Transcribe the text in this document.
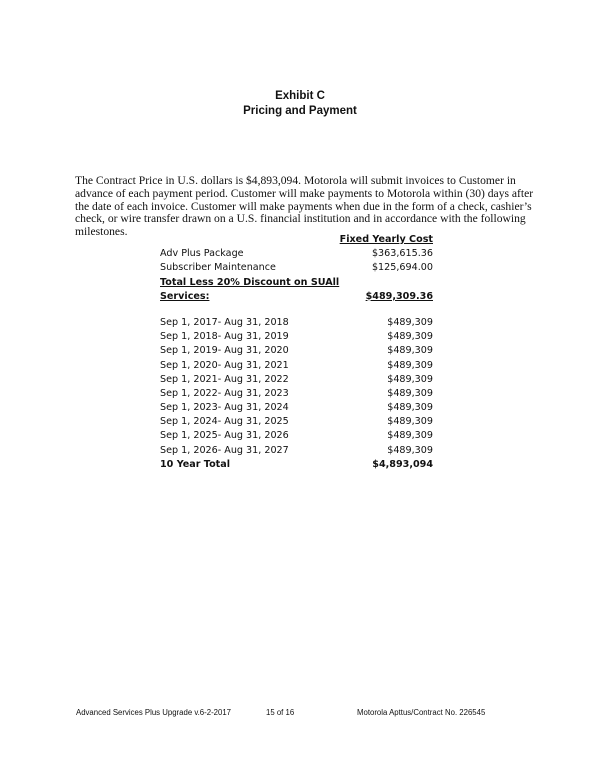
Exhibit C
Pricing and Payment
The Contract Price in U.S. dollars is $4,893,094. Motorola will submit invoices to Customer in advance of each payment period. Customer will make payments to Motorola within (30) days after the date of each invoice. Customer will make payments when due in the form of a check, cashier’s check, or wire transfer drawn on a U.S. financial institution and in accordance with the following milestones.
Fixed Yearly Cost
Adv Plus Package	$363,615.36
Subscriber Maintenance	$125,694.00
Total Less 20% Discount on SUAll
Services:	$489,309.36
Sep 1, 2017- Aug 31, 2018	$489,309
Sep 1, 2018- Aug 31, 2019	$489,309
Sep 1, 2019- Aug 31, 2020	$489,309
Sep 1, 2020- Aug 31, 2021	$489,309
Sep 1, 2021- Aug 31, 2022	$489,309
Sep 1, 2022- Aug 31, 2023	$489,309
Sep 1, 2023- Aug 31, 2024	$489,309
Sep 1, 2024- Aug 31, 2025	$489,309
Sep 1, 2025- Aug 31, 2026	$489,309
Sep 1, 2026- Aug 31, 2027	$489,309
10 Year Total	$4,893,094
Advanced Services Plus Upgrade v.6-2-2017	15 of 16	Motorola Apttus/Contract No. 226545
